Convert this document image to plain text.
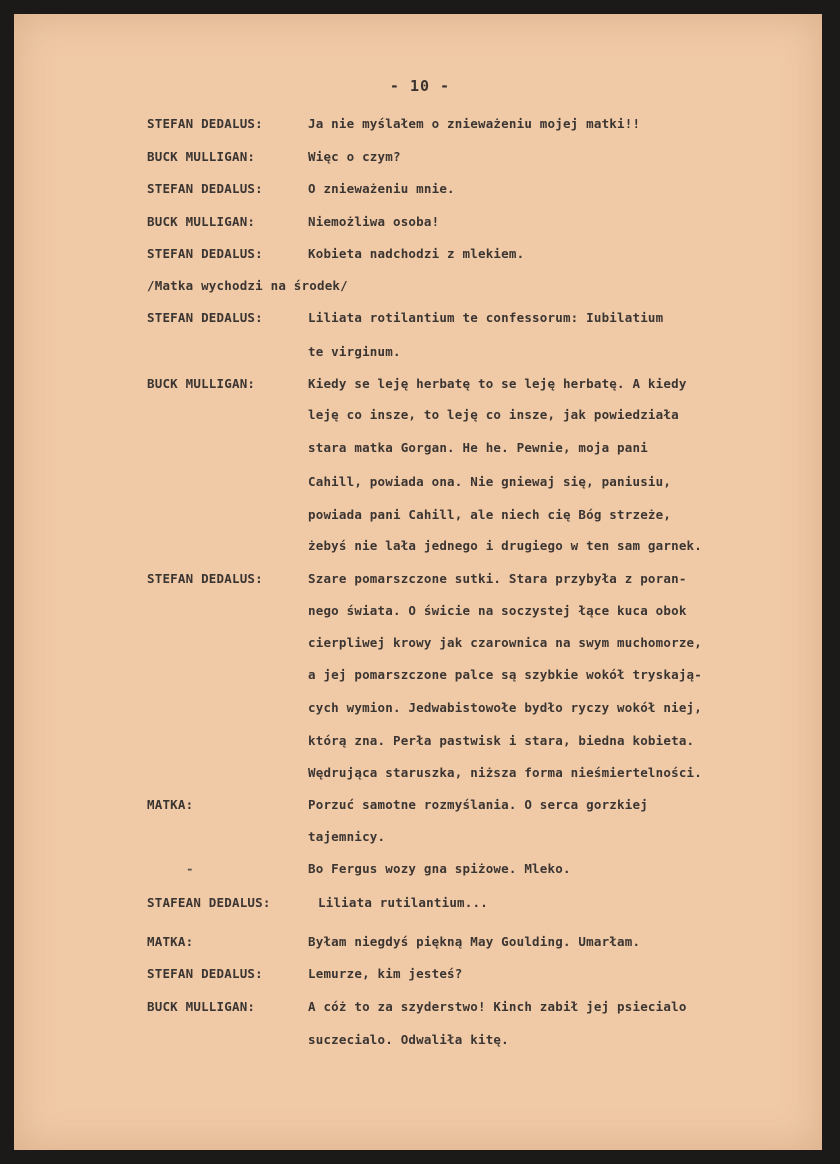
- 10 -
STEFAN DEDALUS:	Ja nie myślałem o znieważeniu mojej matki!!
BUCK MULLIGAN:	Więc o czym?
STEFAN DEDALUS:	O znieważeniu mnie.
BUCK MULLIGAN:	Niemożliwa osoba!
STEFAN DEDALUS:	Kobieta nadchodzi z mlekiem.
/Matka wychodzi na środek/
STEFAN DEDALUS:	Liliata rotilantium te confessorum: Iubilatium
te virginum.
BUCK MULLIGAN:	Kiedy se leję herbatę to se leję herbatę. A kiedy
leję co insze, to leję co insze, jak powiedziała
stara matka Gorgan. He he. Pewnie, moja pani
Cahill, powiada ona. Nie gniewaj się, paniusiu,
powiada pani Cahill, ale niech cię Bóg strzeże,
żebyś nie lała jednego i drugiego w ten sam garnek.
STEFAN DEDALUS:	Szare pomarszczone sutki. Stara przybyła z poran-
nego świata. O świcie na soczystej łące kuca obok
cierpliwej krowy jak czarownica na swym muchomorze,
a jej pomarszczone palce są szybkie wokół tryskają-
cych wymion. Jedwabistowołe bydło ryczy wokół niej,
którą zna. Perła pastwisk i stara, biedna kobieta.
Wędrująca staruszka, niższa forma nieśmiertelności.
MATKA:	Porzuć samotne rozmyślania. O serca gorzkiej
tajemnicy.
-	Bo Fergus wozy gna spiżowe. Mleko.
STAFEAN DEDALUS:	Liliata rutilantium...
MATKA:	Byłam niegdyś piękną May Goulding. Umarłam.
STEFAN DEDALUS:	Lemurze, kim jesteś?
BUCK MULLIGAN:	A cóż to za szyderstwo! Kinch zabił jej psiecialo
suczecialo. Odwaliła kitę.
